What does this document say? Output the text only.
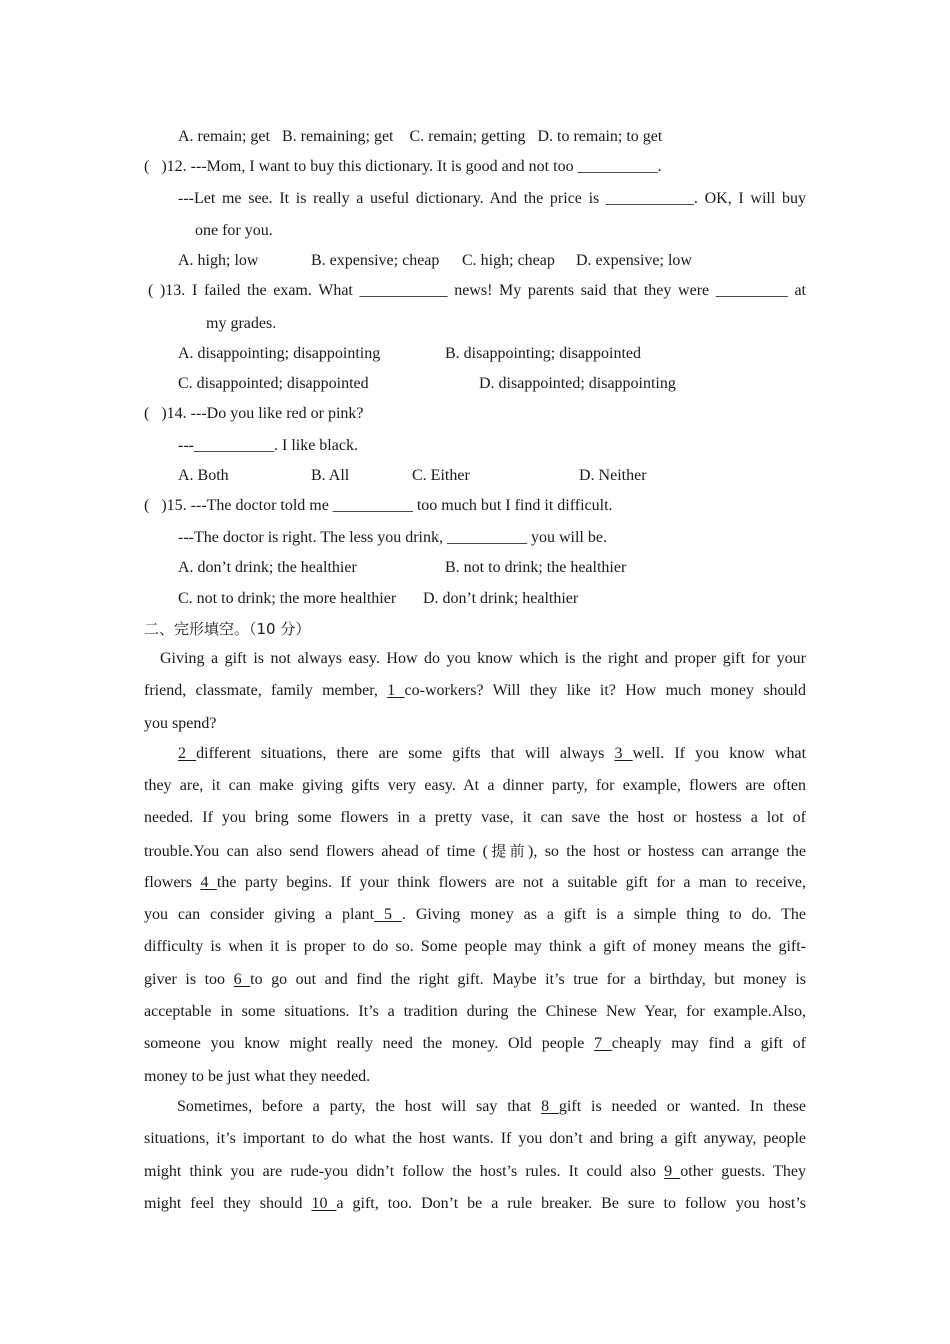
A. remain; get   B. remaining; get    C. remain; getting   D. to remain; to get
(   )12. ---Mom, I want to buy this dictionary. It is good and not too __________.
---Let me see. It is really a useful dictionary. And the price is ___________. OK, I will buy
one for you.
A. high; low	B. expensive; cheap C. high; cheap D. expensive; low
( )13. I failed the exam. What ___________ news! My parents said that they were _________ at
my grades.
A. disappointing; disappointing	B. disappointing; disappointed
C. disappointed; disappointed	D. disappointed; disappointing
(   )14. ---Do you like red or pink?
---__________. I like black.
A. Both	B. All	C. Either	D. Neither
(   )15. ---The doctor told me __________ too much but I find it difficult.
---The doctor is right. The less you drink, __________ you will be.
A. don’t drink; the healthier	B. not to drink; the healthier
C. not to drink; the more healthier D. don’t drink; healthier
二、完形填空。（10 分）
Giving a gift is not always easy. How do you know which is the right and proper gift for your
friend, classmate, family member, 1 co-workers? Will they like it? How much money should
you spend?
2 different situations, there are some gifts that will always 3 well. If you know what
they are, it can make giving gifts very easy. At a dinner party, for example, flowers are often
needed. If you bring some flowers in a pretty vase, it can save the host or hostess a lot of
trouble.You can also send flowers ahead of time (提前), so the host or hostess can arrange the
flowers 4 the party begins. If your think flowers are not a suitable gift for a man to receive,
you can consider giving a plant 5 . Giving money as a gift is a simple thing to do. The
difficulty is when it is proper to do so. Some people may think a gift of money means the gift-
giver is too 6 to go out and find the right gift. Maybe it’s true for a birthday, but money is
acceptable in some situations. It’s a tradition during the Chinese New Year, for example.Also,
someone you know might really need the money. Old people 7 cheaply may find a gift of
money to be just what they needed.
Sometimes, before a party, the host will say that 8 gift is needed or wanted. In these
situations, it’s important to do what the host wants. If you don’t and bring a gift anyway, people
might think you are rude-you didn’t follow the host’s rules. It could also 9 other guests. They
might feel they should 10 a gift, too. Don’t be a rule breaker. Be sure to follow you host’s
